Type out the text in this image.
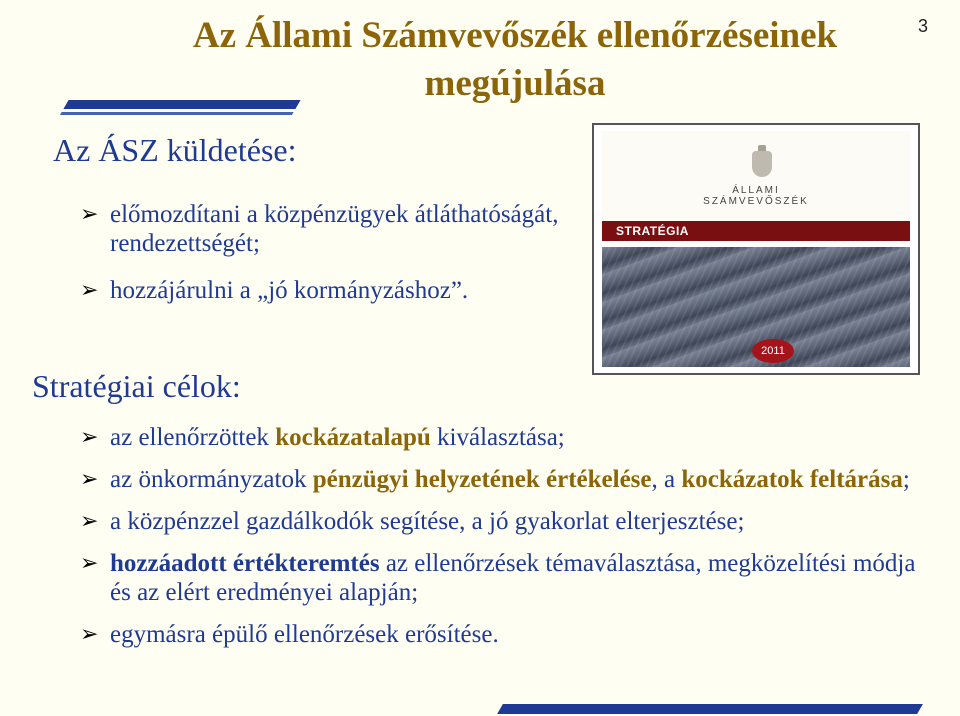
Az Állami Számvevőszék ellenőrzéseinek
megújulása
3
Az ÁSZ küldetése:
➢ előmozdítani a közpénzügyek átláthatóságát, rendezettségét;
➢ hozzájárulni a „jó kormányzáshoz”.
Stratégiai célok:
➢ az ellenőrzöttek kockázatalapú kiválasztása;
➢ az önkormányzatok pénzügyi helyzetének értékelése, a kockázatok feltárása;
➢ a közpénzzel gazdálkodók segítése, a jó gyakorlat elterjesztése;
➢ hozzáadott értékteremtés az ellenőrzések témaválasztása, megközelítési módja és az elért eredményei alapján;
➢ egymásra épülő ellenőrzések erősítése.
ÁLLAMI
SZÁMVEVŐSZÉK
STRATÉGIA
2011
